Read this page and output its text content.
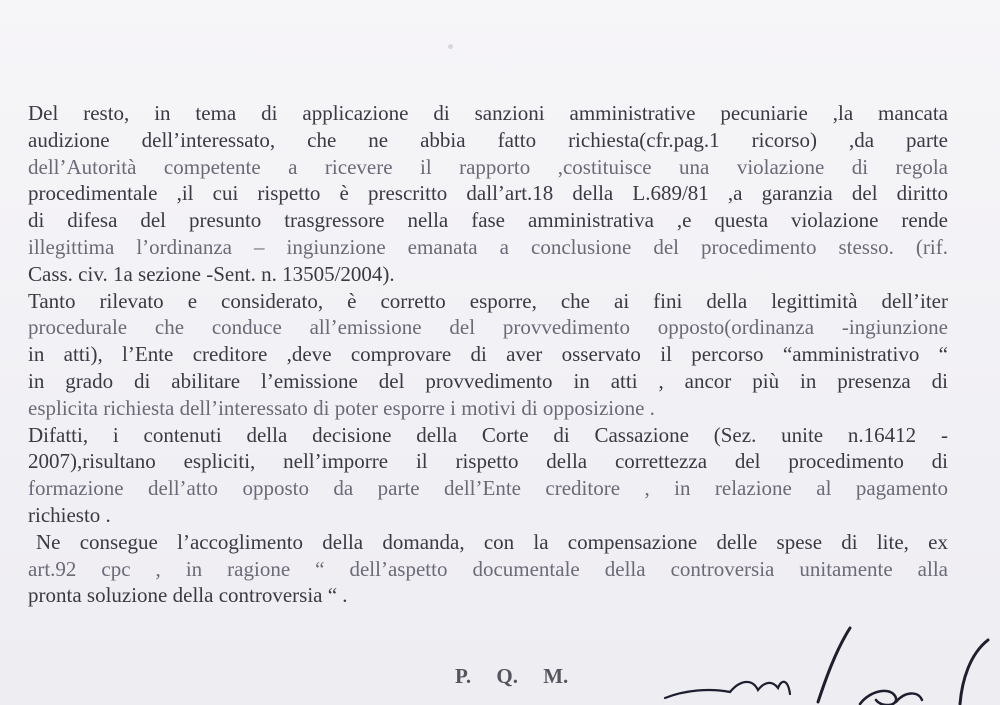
Del resto, in tema di applicazione di sanzioni amministrative pecuniarie ,la mancata
audizione dell’interessato, che ne abbia fatto richiesta(cfr.pag.1 ricorso) ,da parte
dell’Autorità competente a ricevere il rapporto ,costituisce una violazione di regola
procedimentale ,il cui rispetto è prescritto dall’art.18 della L.689/81 ,a garanzia del diritto
di difesa del presunto trasgressore nella fase amministrativa ,e questa violazione rende
illegittima l’ordinanza – ingiunzione emanata a conclusione del procedimento stesso. (rif.
Cass. civ. 1a sezione -Sent. n. 13505/2004).
Tanto rilevato e considerato, è corretto esporre, che ai fini della legittimità dell’iter
procedurale che conduce all’emissione del provvedimento opposto(ordinanza -ingiunzione
in atti), l’Ente creditore ,deve comprovare di aver osservato il percorso “amministrativo “
in grado di abilitare l’emissione del provvedimento in atti , ancor più in presenza di
esplicita richiesta dell’interessato di poter esporre i motivi di opposizione .
Difatti, i contenuti della decisione della Corte di Cassazione (Sez. unite n.16412 -
2007),risultano espliciti, nell’imporre il rispetto della correttezza del procedimento di
formazione dell’atto opposto da parte dell’Ente creditore , in relazione al pagamento
richiesto .
Ne consegue l’accoglimento della domanda, con la compensazione delle spese di lite, ex
art.92 cpc , in ragione “ dell’aspetto documentale della controversia unitamente alla
pronta soluzione della controversia “ .
P. Q. M.
